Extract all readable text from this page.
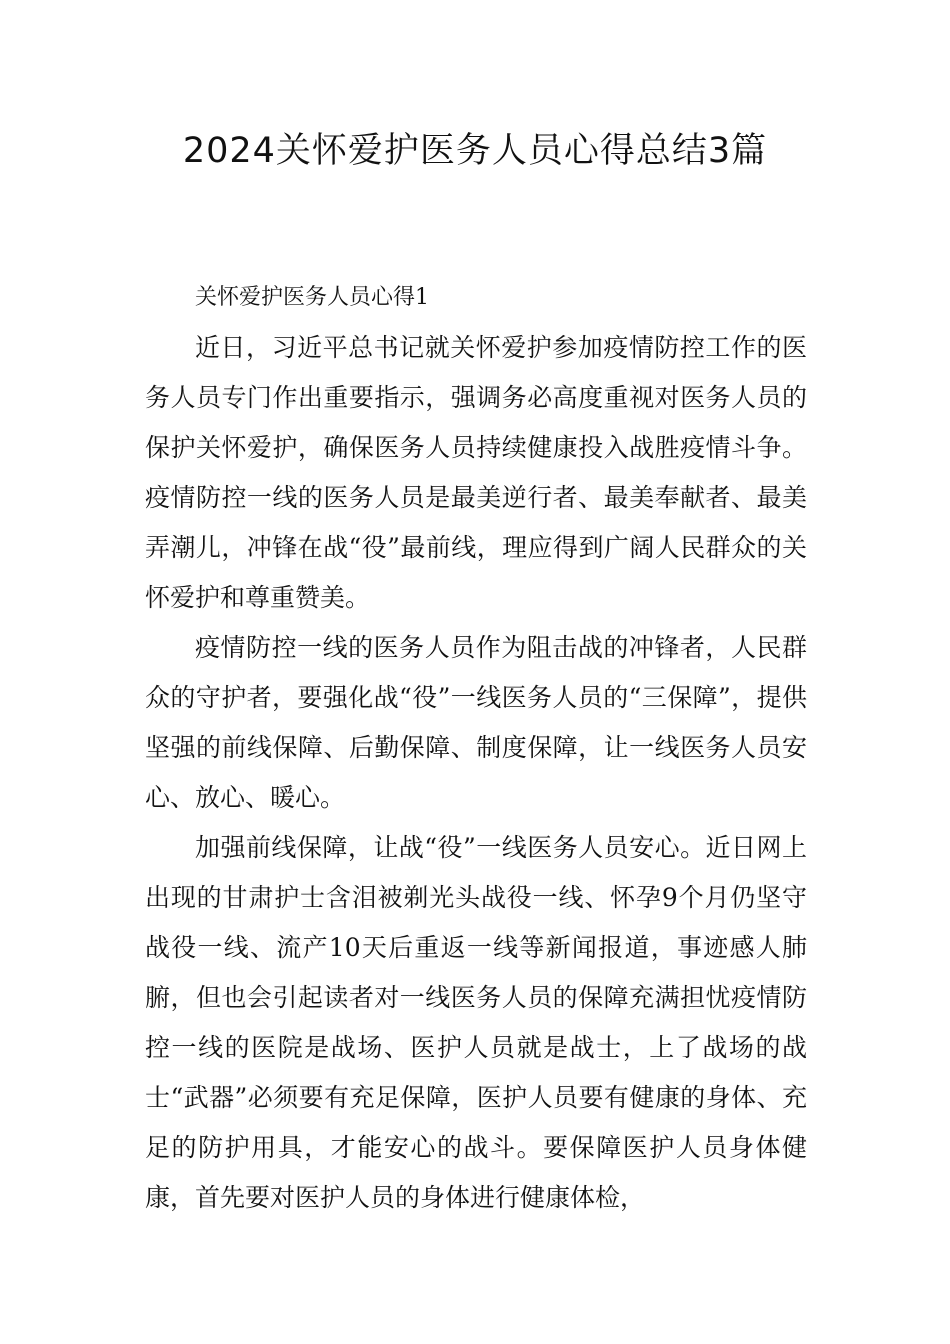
2024关怀爱护医务人员心得总结3篇

关怀爱护医务人员心得1

近日，习近平总书记就关怀爱护参加疫情防控工作的医务人员专门作出重要指示，强调务必高度重视对医务人员的保护关怀爱护，确保医务人员持续健康投入战胜疫情斗争。疫情防控一线的医务人员是最美逆行者、最美奉献者、最美弄潮儿，冲锋在战“役”最前线，理应得到广阔人民群众的关怀爱护和尊重赞美。

疫情防控一线的医务人员作为阻击战的冲锋者，人民群众的守护者，要强化战“役”一线医务人员的“三保障”，提供坚强的前线保障、后勤保障、制度保障，让一线医务人员安心、放心、暖心。

加强前线保障，让战“役”一线医务人员安心。近日网上出现的甘肃护士含泪被剃光头战役一线、怀孕9个月仍坚守战役一线、流产10天后重返一线等新闻报道，事迹感人肺腑，但也会引起读者对一线医务人员的保障充满担忧疫情防控一线的医院是战场、医护人员就是战士，上了战场的战士“武器”必须要有充足保障，医护人员要有健康的身体、充足的防护用具，才能安心的战斗。要保障医护人员身体健康，首先要对医护人员的身体进行健康体检，
